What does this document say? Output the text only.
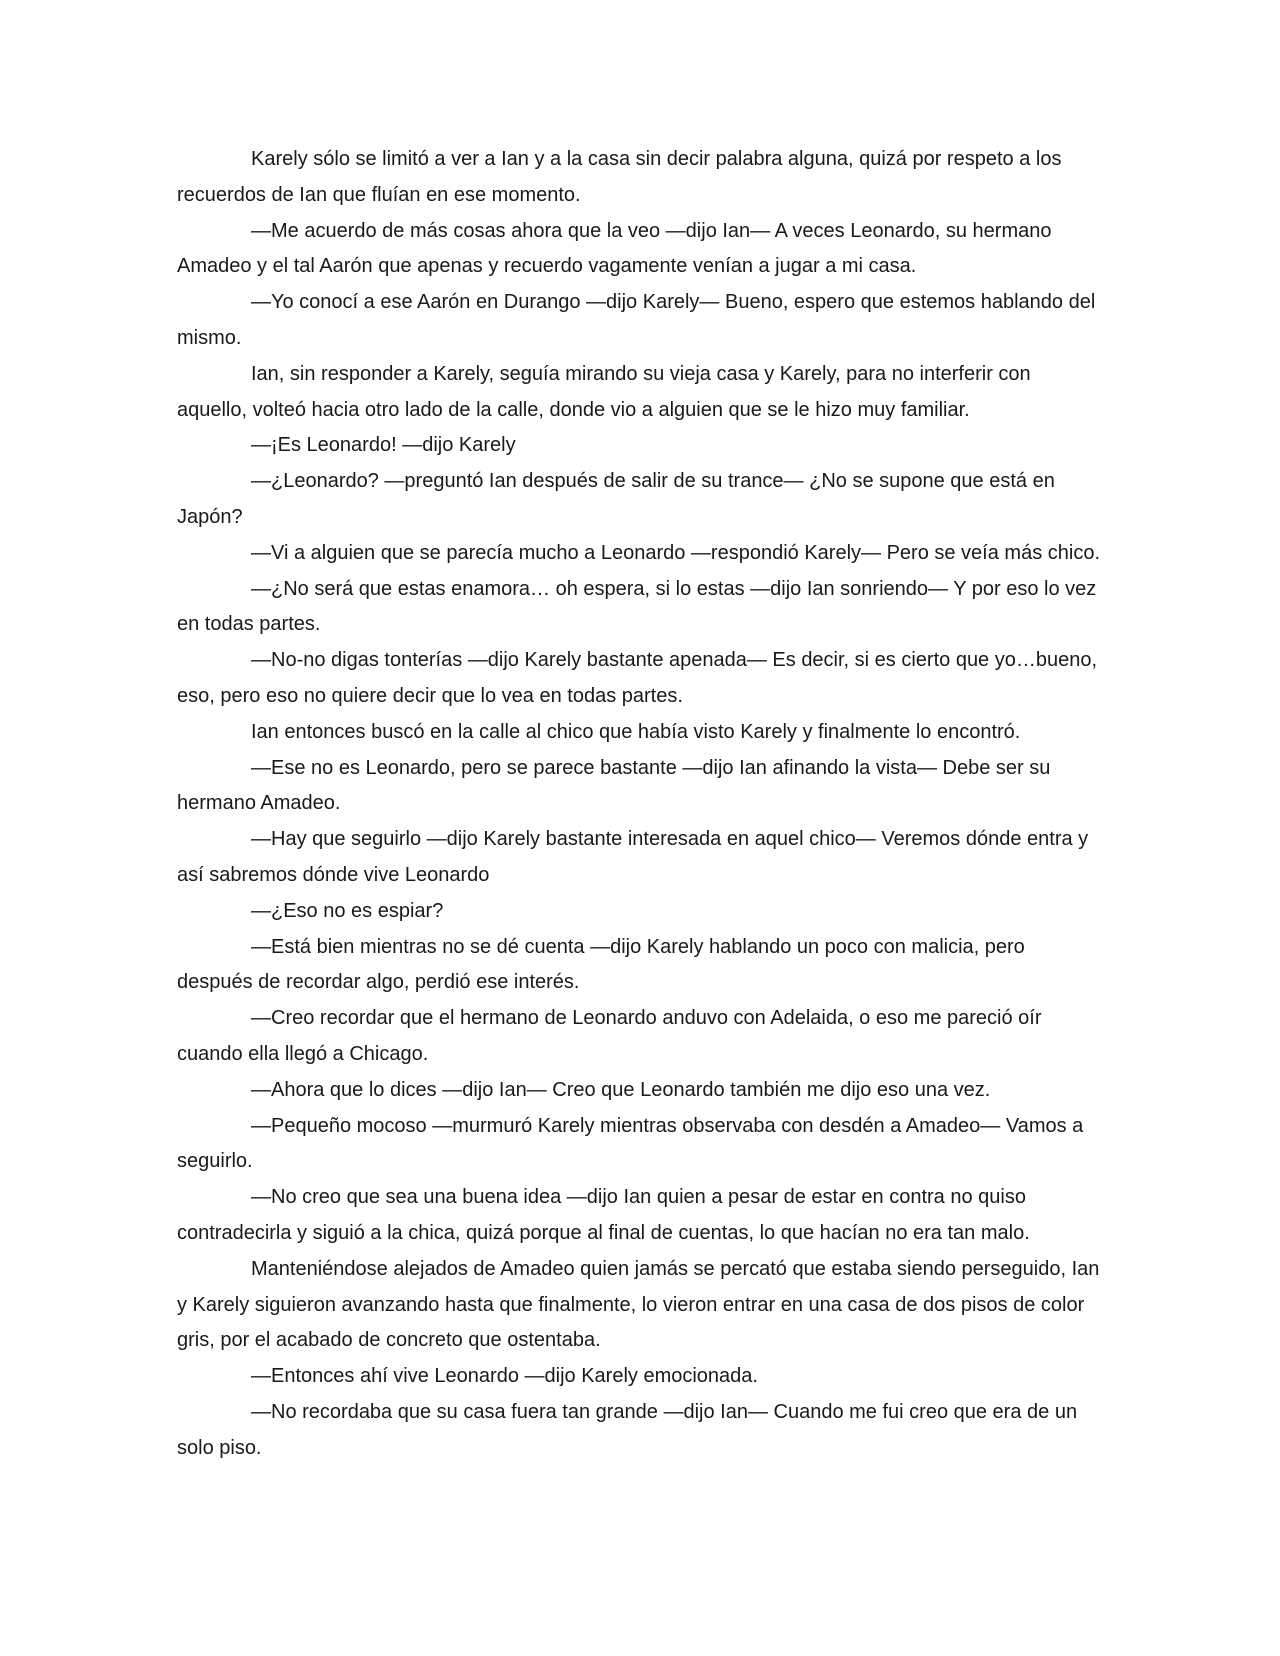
Karely sólo se limitó a ver a Ian y a la casa sin decir palabra alguna, quizá por respeto a los recuerdos de Ian que fluían en ese momento.

—Me acuerdo de más cosas ahora que la veo —dijo Ian— A veces Leonardo, su hermano Amadeo y el tal Aarón que apenas y recuerdo vagamente venían a jugar a mi casa.

—Yo conocí a ese Aarón en Durango —dijo Karely— Bueno, espero que estemos hablando del mismo.

Ian, sin responder a Karely, seguía mirando su vieja casa y Karely, para no interferir con aquello, volteó hacia otro lado de la calle, donde vio a alguien que se le hizo muy familiar.

—¡Es Leonardo! —dijo Karely

—¿Leonardo? —preguntó Ian después de salir de su trance— ¿No se supone que está en Japón?

—Vi a alguien que se parecía mucho a Leonardo —respondió Karely— Pero se veía más chico.

—¿No será que estas enamora… oh espera, si lo estas —dijo Ian sonriendo— Y por eso lo vez en todas partes.

—No-no digas tonterías —dijo Karely bastante apenada— Es decir, si es cierto que yo…bueno, eso, pero eso no quiere decir que lo vea en todas partes.

Ian entonces buscó en la calle al chico que había visto Karely y finalmente lo encontró.

—Ese no es Leonardo, pero se parece bastante —dijo Ian afinando la vista— Debe ser su hermano Amadeo.

—Hay que seguirlo —dijo Karely bastante interesada en aquel chico— Veremos dónde entra y así sabremos dónde vive Leonardo

—¿Eso no es espiar?

—Está bien mientras no se dé cuenta —dijo Karely hablando un poco con malicia, pero después de recordar algo, perdió ese interés.

—Creo recordar que el hermano de Leonardo anduvo con Adelaida, o eso me pareció oír cuando ella llegó a Chicago.

—Ahora que lo dices —dijo Ian— Creo que Leonardo también me dijo eso una vez.

—Pequeño mocoso —murmuró Karely mientras observaba con desdén a Amadeo— Vamos a seguirlo.

—No creo que sea una buena idea —dijo Ian quien a pesar de estar en contra no quiso contradecirla y siguió a la chica, quizá porque al final de cuentas, lo que hacían no era tan malo.

Manteniéndose alejados de Amadeo quien jamás se percató que estaba siendo perseguido, Ian y Karely siguieron avanzando hasta que finalmente, lo vieron entrar en una casa de dos pisos de color gris, por el acabado de concreto que ostentaba.

—Entonces ahí vive Leonardo —dijo Karely emocionada.

—No recordaba que su casa fuera tan grande —dijo Ian— Cuando me fui creo que era de un solo piso.
